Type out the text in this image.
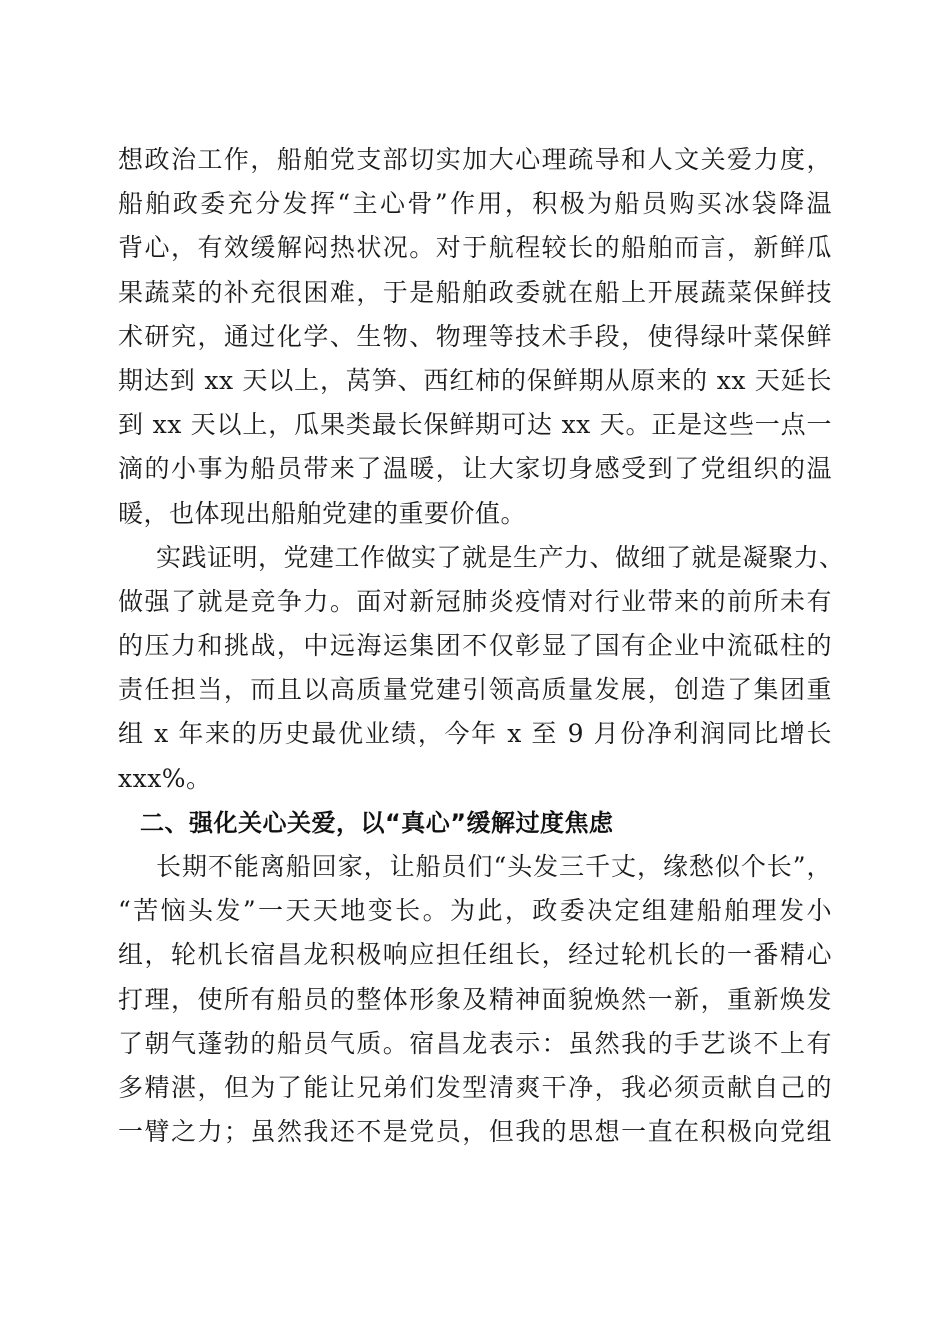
想政治工作，船舶党支部切实加大心理疏导和人文关爱力度，
船舶政委充分发挥“主心骨”作用，积极为船员购买冰袋降温
背心，有效缓解闷热状况。对于航程较长的船舶而言，新鲜瓜
果蔬菜的补充很困难，于是船舶政委就在船上开展蔬菜保鲜技
术研究，通过化学、生物、物理等技术手段，使得绿叶菜保鲜
期达到 xx 天以上，莴笋、西红柿的保鲜期从原来的 xx 天延长
到 xx 天以上，瓜果类最长保鲜期可达 xx 天。正是这些一点一
滴的小事为船员带来了温暖，让大家切身感受到了党组织的温
暖，也体现出船舶党建的重要价值。
实践证明，党建工作做实了就是生产力、做细了就是凝聚力、
做强了就是竞争力。面对新冠肺炎疫情对行业带来的前所未有
的压力和挑战，中远海运集团不仅彰显了国有企业中流砥柱的
责任担当，而且以高质量党建引领高质量发展，创造了集团重
组 x 年来的历史最优业绩，今年 x 至 9 月份净利润同比增长
xxx%。
二、强化关心关爱，以“真心”缓解过度焦虑
长期不能离船回家，让船员们“头发三千丈，缘愁似个长”，
“苦恼头发”一天天地变长。为此，政委决定组建船舶理发小
组，轮机长宿昌龙积极响应担任组长，经过轮机长的一番精心
打理，使所有船员的整体形象及精神面貌焕然一新，重新焕发
了朝气蓬勃的船员气质。宿昌龙表示：虽然我的手艺谈不上有
多精湛，但为了能让兄弟们发型清爽干净，我必须贡献自己的
一臂之力；虽然我还不是党员，但我的思想一直在积极向党组
